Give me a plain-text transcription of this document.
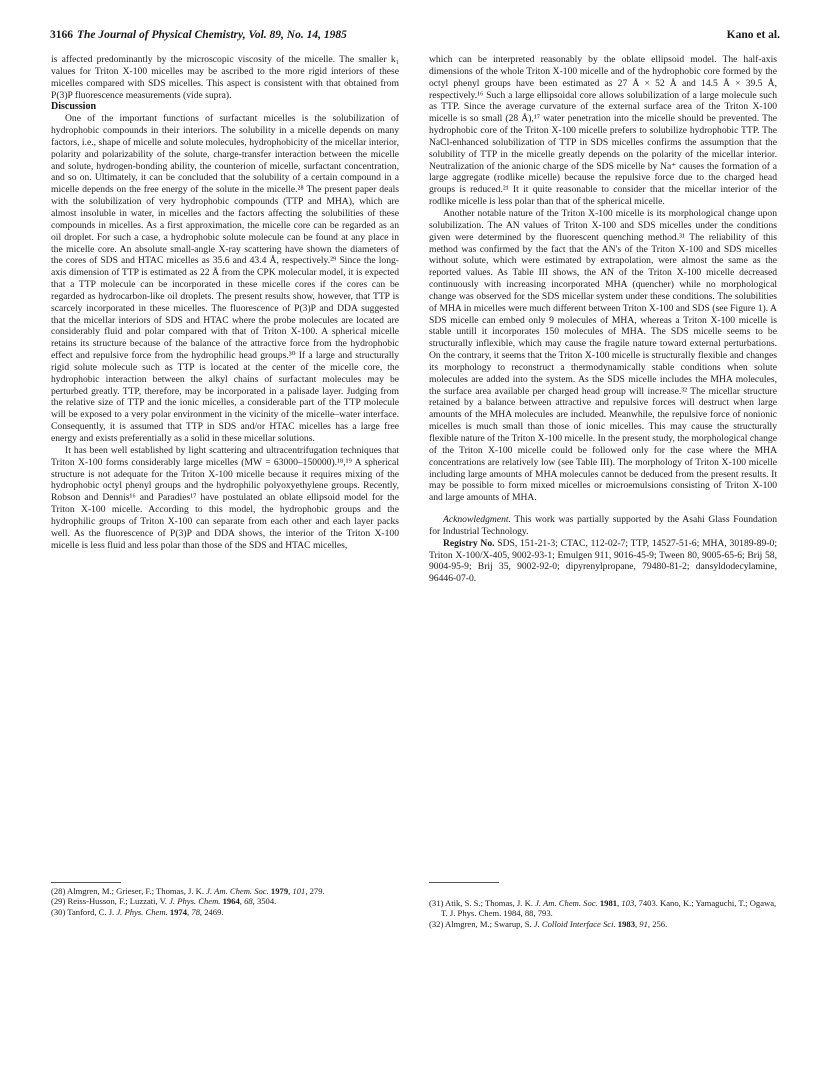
3166 The Journal of Physical Chemistry, Vol. 89, No. 14, 1985	Kano et al.

is affected predominantly by the microscopic viscosity of the micelle. The smaller k₁ values for Triton X-100 micelles may be ascribed to the more rigid interiors of these micelles compared with SDS micelles. This aspect is consistent with that obtained from P(3)P fluorescence measurements (vide supra).

Discussion

One of the important functions of surfactant micelles is the solubilization of hydrophobic compounds in their interiors. The solubility in a micelle depends on many factors, i.e., shape of micelle and solute molecules, hydrophobicity of the micellar interior, polarity and polarizability of the solute, charge-transfer interaction between the micelle and solute, hydrogen-bonding ability, the counterion of micelle, surfactant concentration, and so on. Ultimately, it can be concluded that the solubility of a certain compound in a micelle depends on the free energy of the solute in the micelle.²⁸ The present paper deals with the solubilization of very hydrophobic compounds (TTP and MHA), which are almost insoluble in water, in micelles and the factors affecting the solubilities of these compounds in micelles. As a first approximation, the micelle core can be regarded as an oil droplet. For such a case, a hydrophobic solute molecule can be found at any place in the micelle core. An absolute small-angle X-ray scattering have shown the diameters of the cores of SDS and HTAC micelles as 35.6 and 43.4 Å, respectively.²⁹ Since the long-axis dimension of TTP is estimated as 22 Å from the CPK molecular model, it is expected that a TTP molecule can be incorporated in these micelle cores if the cores can be regarded as hydrocarbon-like oil droplets. The present results show, however, that TTP is scarcely incorporated in these micelles. The fluorescence of P(3)P and DDA suggested that the micellar interiors of SDS and HTAC where the probe molecules are located are considerably fluid and polar compared with that of Triton X-100. A spherical micelle retains its structure because of the balance of the attractive force from the hydrophobic effect and repulsive force from the hydrophilic head groups.³⁰ If a large and structurally rigid solute molecule such as TTP is located at the center of the micelle core, the hydrophobic interaction between the alkyl chains of surfactant molecules may be perturbed greatly. TTP, therefore, may be incorporated in a palisade layer. Judging from the relative size of TTP and the ionic micelles, a considerable part of the TTP molecule will be exposed to a very polar environment in the vicinity of the micelle–water interface. Consequently, it is assumed that TTP in SDS and/or HTAC micelles has a large free energy and exists preferentially as a solid in these micellar solutions.

It has been well established by light scattering and ultracentrifugation techniques that Triton X-100 forms considerably large micelles (MW = 63000–150000).¹⁸,¹⁹ A spherical structure is not adequate for the Triton X-100 micelle because it requires mixing of the hydrophobic octyl phenyl groups and the hydrophilic polyoxyethylene groups. Recently, Robson and Dennis¹⁶ and Paradies¹⁷ have postulated an oblate ellipsoid model for the Triton X-100 micelle. According to this model, the hydrophobic groups and the hydrophilic groups of Triton X-100 can separate from each other and each layer packs well. As the fluorescence of P(3)P and DDA shows, the interior of the Triton X-100 micelle is less fluid and less polar than those of the SDS and HTAC micelles,

which can be interpreted reasonably by the oblate ellipsoid model. The half-axis dimensions of the whole Triton X-100 micelle and of the hydrophobic core formed by the octyl phenyl groups have been estimated as 27 Å × 52 Å and 14.5 Å × 39.5 Å, respectively.¹⁶ Such a large ellipsoidal core allows solubilization of a large molecule such as TTP. Since the average curvature of the external surface area of the Triton X-100 micelle is so small (28 Å),¹⁷ water penetration into the micelle should be prevented. The hydrophobic core of the Triton X-100 micelle prefers to solubilize hydrophobic TTP. The NaCl-enhanced solubilization of TTP in SDS micelles confirms the assumption that the solubility of TTP in the micelle greatly depends on the polarity of the micellar interior. Neutralization of the anionic charge of the SDS micelle by Na⁺ causes the formation of a large aggregate (rodlike micelle) because the repulsive force due to the charged head groups is reduced.²¹ It it quite reasonable to consider that the micellar interior of the rodlike micelle is less polar than that of the spherical micelle.

Another notable nature of the Triton X-100 micelle is its morphological change upon solubilization. The AN values of Triton X-100 and SDS micelles under the conditions given were determined by the fluorescent quenching method.³¹ The reliability of this method was confirmed by the fact that the AN's of the Triton X-100 and SDS micelles without solute, which were estimated by extrapolation, were almost the same as the reported values. As Table III shows, the AN of the Triton X-100 micelle decreased continuously with increasing incorporated MHA (quencher) while no morphological change was observed for the SDS micellar system under these conditions. The solubilities of MHA in micelles were much different between Triton X-100 and SDS (see Figure 1). A SDS micelle can embed only 9 molecules of MHA, whereas a Triton X-100 micelle is stable untill it incorporates 150 molecules of MHA. The SDS micelle seems to be structurally inflexible, which may cause the fragile nature toward external perturbations. On the contrary, it seems that the Triton X-100 micelle is structurally flexible and changes its morphology to reconstruct a thermodynamically stable conditions when solute molecules are added into the system. As the SDS micelle includes the MHA molecules, the surface area available per charged head group will increase.³² The micellar structure retained by a balance between attractive and repulsive forces will destruct when large amounts of the MHA molecules are included. Meanwhile, the repulsive force of nonionic micelles is much small than those of ionic micelles. This may cause the structurally flexible nature of the Triton X-100 micelle. In the present study, the morphological change of the Triton X-100 micelle could be followed only for the case where the MHA concentrations are relatively low (see Table III). The morphology of Triton X-100 micelle including large amounts of MHA molecules cannot be deduced from the present results. It may be possible to form mixed micelles or microemulsions consisting of Triton X-100 and large amounts of MHA.

Acknowledgment. This work was partially supported by the Asahi Glass Foundation for Industrial Technology.

Registry No. SDS, 151-21-3; CTAC, 112-02-7; TTP, 14527-51-6; MHA, 30189-89-0; Triton X-100/X-405, 9002-93-1; Emulgen 911, 9016-45-9; Tween 80, 9005-65-6; Brij 58, 9004-95-9; Brij 35, 9002-92-0; dipyrenylpropane, 79480-81-2; dansyldodecylamine, 96446-07-0.

(28) Almgren, M.; Grieser, F.; Thomas, J. K. J. Am. Chem. Soc. 1979, 101, 279.
(29) Reiss-Husson, F.; Luzzati, V. J. Phys. Chem. 1964, 68, 3504.
(30) Tanford, C. J. J. Phys. Chem. 1974, 78, 2469.
(31) Atik, S. S.; Thomas, J. K. J. Am. Chem. Soc. 1981, 103, 7403. Kano, K.; Yamaguchi, T.; Ogawa, T. J. Phys. Chem. 1984, 88, 793.
(32) Almgren, M.; Swarup, S. J. Colloid Interface Sci. 1983, 91, 256.
